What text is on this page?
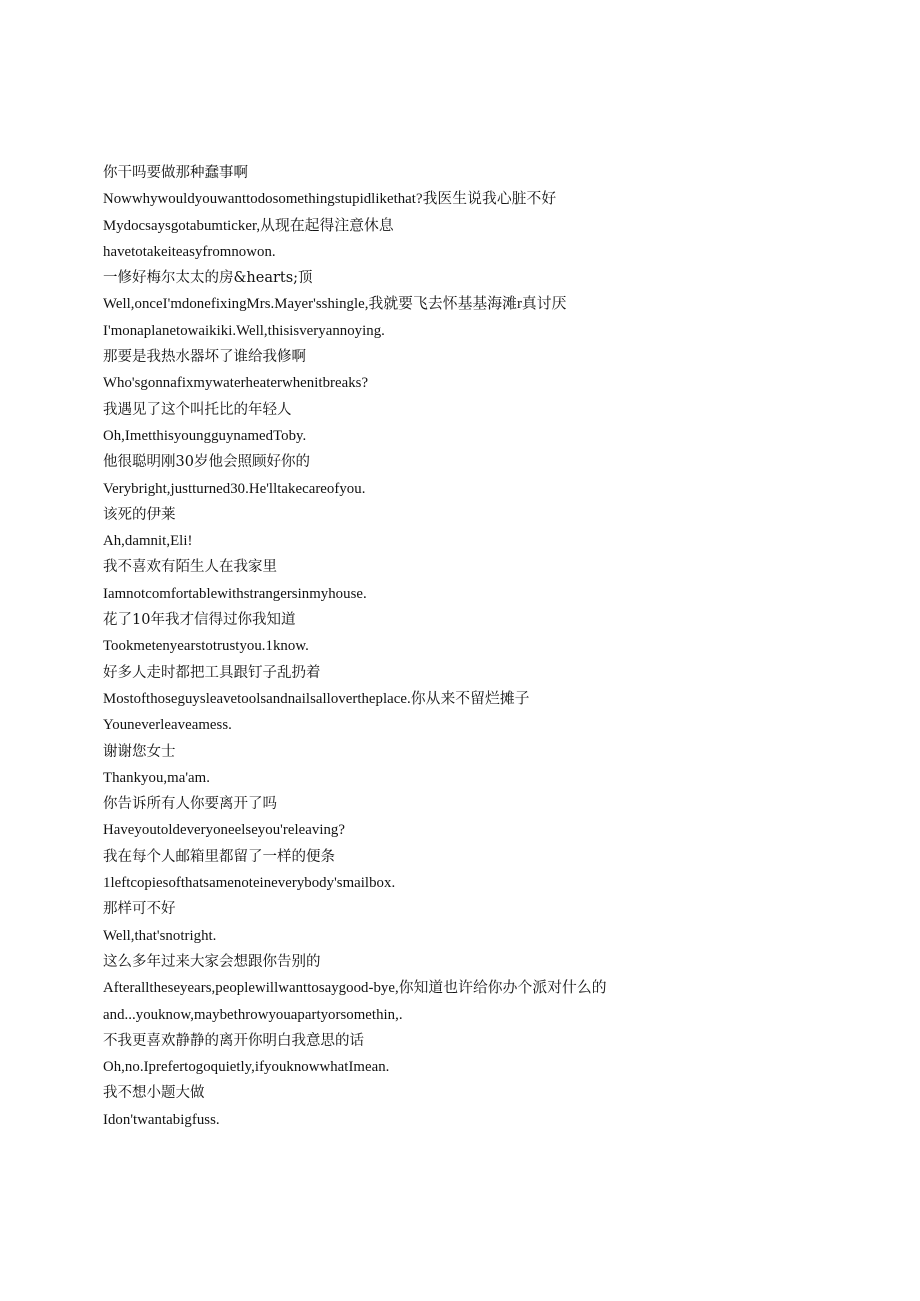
你干吗要做那种蠢事啊
Nowwhywouldyouwanttodosomethingstupidlikethat?我医生说我心脏不好
Mydocsaysgotabumticker,从现在起得注意休息
havetotakeiteasyfromnowon.
一修好梅尔太太的房&hearts;顶
Well,onceI'mdonefixingMrs.Mayer'sshingle,我就要飞去怀基基海滩r真讨厌
I'monaplanetowaikiki.Well,thisisveryannoying.
那要是我热水器坏了谁给我修啊
Who'sgonnafixmywaterheaterwhenitbreaks?
我遇见了这个叫托比的年轻人
Oh,ImetthisyoungguynamedToby.
他很聪明刚30岁他会照顾好你的
Verybright,justturned30.He'lltakecareofyou.
该死的伊莱
Ah,damnit,Eli!
我不喜欢有陌生人在我家里
Iamnotcomfortablewithstrangersinmyhouse.
花了10年我才信得过你我知道
Tookmetenyearstotrustyou.1know.
好多人走时都把工具跟钉子乱扔着
Mostofthoseguysleavetoolsandnailsallovertheplace.你从来不留烂摊子
Youneverleaveamess.
谢谢您女士
Thankyou,ma'am.
你告诉所有人你要离开了吗
Haveyoutoldeveryoneelseyou'releaving?
我在每个人邮箱里都留了一样的便条
1leftcopiesofthatsamenoteineverybody'smailbox.
那样可不好
Well,that'snotright.
这么多年过来大家会想跟你告别的
Afteralltheseyears,peoplewillwanttosaygood-bye,你知道也许给你办个派对什么的
and...youknow,maybethrowyouapartyorsomethin,.
不我更喜欢静静的离开你明白我意思的话
Oh,no.Iprefertogoquietly,ifyouknowwhatImean.
我不想小题大做
Idon'twantabigfuss.
